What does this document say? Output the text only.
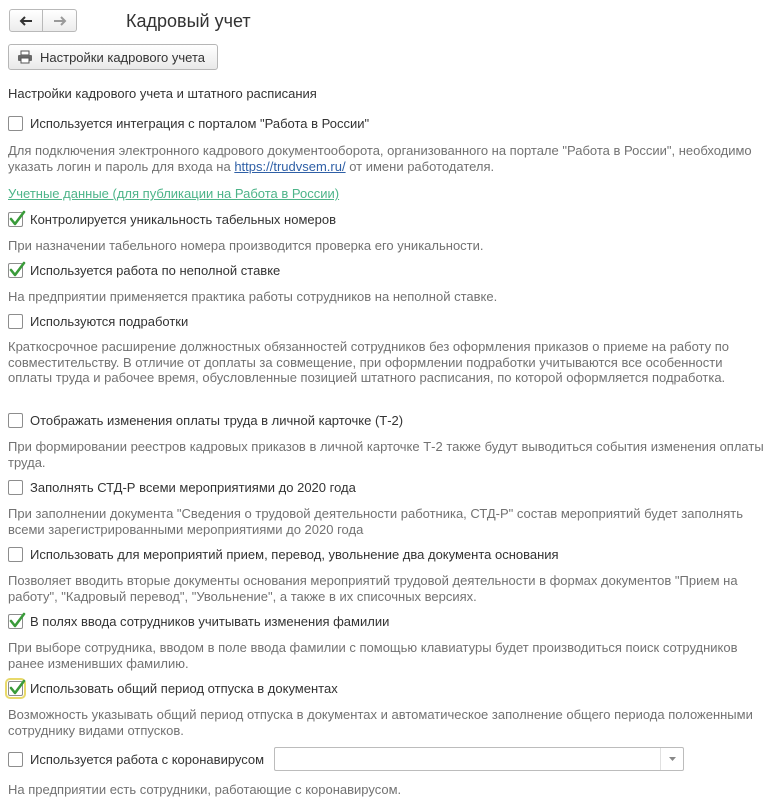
Кадровый учет
Настройки кадрового учета
Настройки кадрового учета и штатного расписания
Используется интеграция с порталом "Работа в России"
Для подключения электронного кадрового документооборота, организованного на портале "Работа в России", необходимо указать логин и пароль для входа на https://trudvsem.ru/ от имени работодателя.
Учетные данные (для публикации на Работа в России)
Контролируется уникальность табельных номеров
При назначении табельного номера производится проверка его уникальности.
Используется работа по неполной ставке
На предприятии применяется практика работы сотрудников на неполной ставке.
Используются подработки
Краткосрочное расширение должностных обязанностей сотрудников без оформления приказов о приеме на работу по совместительству. В отличие от доплаты за совмещение, при оформлении подработки учитываются все особенности оплаты труда и рабочее время, обусловленные позицией штатного расписания, по которой оформляется подработка.
Отображать изменения оплаты труда в личной карточке (Т-2)
При формировании реестров кадровых приказов в личной карточке Т-2 также будут выводиться события изменения оплаты труда.
Заполнять СТД-Р всеми мероприятиями до 2020 года
При заполнении документа "Сведения о трудовой деятельности работника, СТД-Р" состав мероприятий будет заполнять всеми зарегистрированными мероприятиями до 2020 года
Использовать для мероприятий прием, перевод, увольнение два документа основания
Позволяет вводить вторые документы основания мероприятий трудовой деятельности в формах документов "Прием на работу", "Кадровый перевод", "Увольнение", а также в их списочных версиях.
В полях ввода сотрудников учитывать изменения фамилии
При выборе сотрудника, вводом в поле ввода фамилии с помощью клавиатуры будет производиться поиск сотрудников ранее изменивших фамилию.
Использовать общий период отпуска в документах
Возможность указывать общий период отпуска в документах и автоматическое заполнение общего периода положенными сотруднику видами отпусков.
Используется работа с коронавирусом
На предприятии есть сотрудники, работающие с коронавирусом.
